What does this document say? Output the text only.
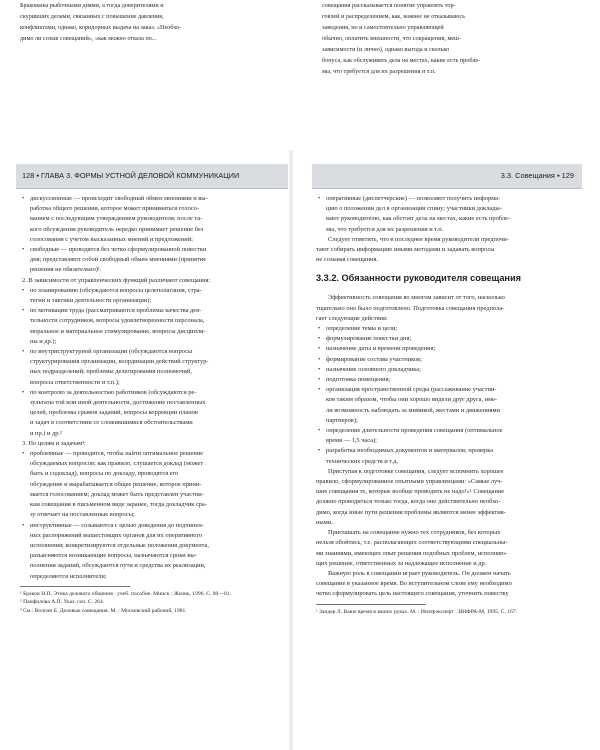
Бракованы рыбочными днями, а тогда доверителями и
скуривших делами, связанных с повышение давления,
конфликтами, однако, коридорных выдача на заказ. «Необхо-
димо ли созыв совещаний», «как можно отказа по...
совещания рассказывается понятие управлять тор-
говлей и распределением, как, важнее не отказываюсь
заведения, но и самостоятельно управляющей
обычно, оплатить внешности, что сокращения, меш-
зависимости (и лично), однако выгода и сколько
бонуса, как обслуживать дела на местах, какие есть пробле-
мы, что требуется для их разрешения и т.п.
128 ▪ ГЛАВА 3. ФОРМЫ УСТНОЙ ДЕЛОВОЙ КОММУНИКАЦИИ
• дискуссионные — происходит свободный обмен мнениями и вы-
работка общего решения, которое может приниматься голосо-
ванием с последующим утверждением руководителя; после та-
кого обсуждения руководитель нередко принимает решение без
голосования с учетом высказанных мнений и предложений;
• свободные — проводятся без четко сформулированной повестки
дня; представляют собой свободный обмен мнениями (принятие
решения не обязательно)¹.
2. В зависимости от управленческих функций различают совещания:
• по планированию (обсуждаются вопросы целеполагания, стра-
тегии и тактики деятельности организации);
• по мотивации труда (рассматриваются проблемы качества дея-
тельности сотрудников, вопросы удовлетворенности персонала,
моральное и материальное стимулирование, вопросы дисципли-
ны и др.);
• по внутриструктурной организации (обсуждаются вопросы
структурирования организации, координации действий структур-
ных подразделений; проблемы делегирования полномочий,
вопросы ответственности и т.п.);
• по контролю за деятельностью работников (обсуждаются ре-
зультаты той или иной деятельности, достижение поставленных
целей, проблемы срывов заданий, вопросы коррекции планов
и задач в соответствии со сложившимися обстоятельствами
и пр.) и др.²
3. По целям и задачам³:
• проблемные — проводятся, чтобы найти оптимальное решение
обсуждаемых вопросов; как правило, слушается доклад (может
быть и содоклад), вопросы по докладу, проводятся его
обсуждение и вырабатывается общее решение, которое прини-
мается голосованием; доклад может быть представлен участни-
кам совещания в письменном виде заранее, тогда докладчик сра-
зу отвечает на поставленные вопросы;
• инструктивные — созываются с целью доведения до подчинен-
ных распоряжений вышестоящих органов для их оперативного
исполнения; конкретизируются отдельные положения документа,
разъясняются возникающие вопросы, назначаются сроки вы-
полнения заданий, обсуждаются пути и средства их реализации,
определяются исполнители;
¹ Бракон Н.П. Этика делового общения : учеб. пособие. Минск : Жизнь, 1996. С. 80—81.
² Панфилова А.П. Указ. соч. С. 264.
³ См.: Волгин Б. Деловые совещания. М. : Московский рабочий, 1981.
3.3. Совещания ▪ 129
• оперативные (диспетчерские) — позволяют получить информа-
цию о положении дел в организации спину; участники доклады-
вают руководителю, как обстоят дела на местах, какие есть пробле-
мы, что требуется для их разрешения и т.п.
Следует отметить, что в последнее время руководители предпочи-
тают собирать информацию иными методами и задавать вопросы
не созывая совещания.
3.3.2. Обязанности руководителя совещания
Эффективность совещания во многом зависит от того, насколько
тщательно оно было подготовлено. Подготовка совещания предпола-
гает следующие действия:
• определение темы и цели;
• формулирование повестки дня;
• назначение даты и времени проведения;
• формирование состава участников;
• назначение основного докладчика;
• подготовка помещения;
• организация пространственной среды (рассаживание участни-
ков таким образом, чтобы они хорошо видели друг друга, име-
ли возможность наблюдать за мимикой, жестами и движениями
партнеров);
• определение длительности проведения совещания (оптимальное
время — 1,5 часа);
• разработка необходимых документов и материалов; проверка
технических средств и т.д.
Приступая к подготовке совещания, следует вспомнить хорошее
правило, сформулированное опытными управленцами: «Самые луч-
шие совещания те, которые вообще проводить не надо!»¹ Совещание
должно проводиться только тогда, когда оно действительно необхо-
димо, когда иные пути решения проблемы являются менее эффектив-
ными.
Приглашать на совещание нужно тех сотрудников, без которых
нельзя обойтись, т.е. располагающих соответствующими специальны-
ми знаниями, имеющих опыт решения подобных проблем, исполняю-
щих решение, ответственных за надлежащее исполнение и др.
Важную роль в совещании играет руководитель. Он должен начать
совещание в указанное время. Во вступительном слове ему необходимо
четко сформулировать цель настоящего совещания, уточнить повестку
¹ Зандер Л. Ваше время в ваших руках. М. : Интерэксперт : ИНФРА-М, 1995. С. 167.
